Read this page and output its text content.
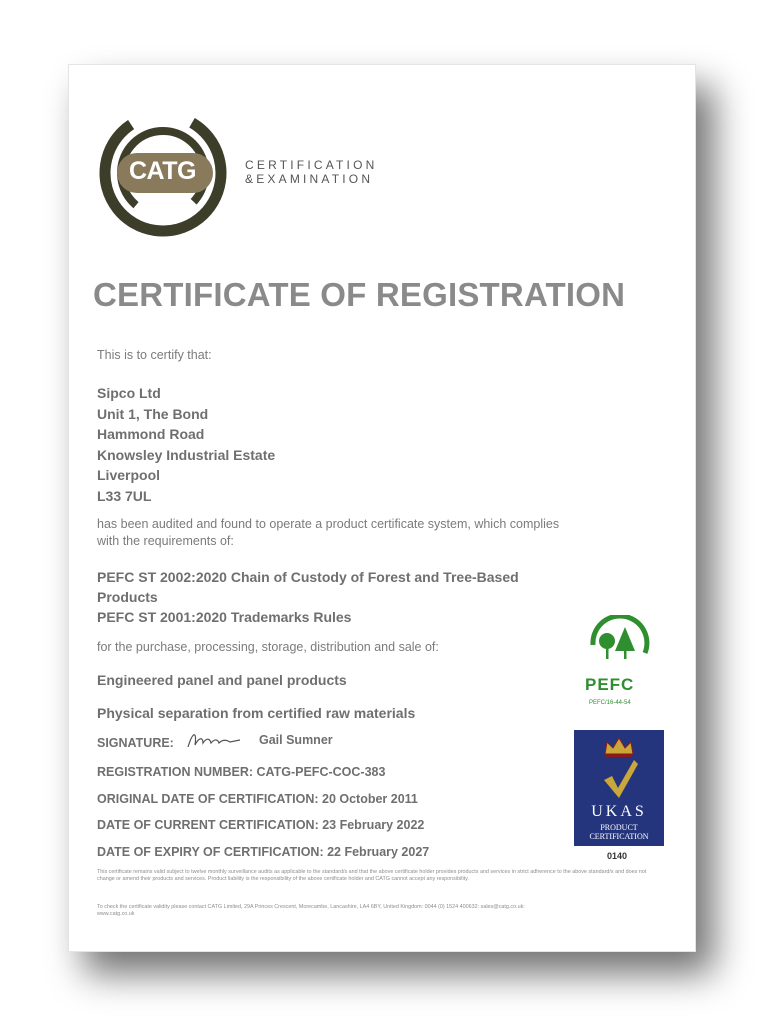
CATG	CERTIFICATION
&EXAMINATION
CERTIFICATE OF REGISTRATION
This is to certify that:
Sipco Ltd
Unit 1, The Bond
Hammond Road
Knowsley Industrial Estate
Liverpool
L33 7UL
has been audited and found to operate a product certificate system, which complies with the requirements of:
PEFC ST 2002:2020 Chain of Custody of Forest and Tree-Based Products
PEFC ST 2001:2020 Trademarks Rules
for the purchase, processing, storage, distribution and sale of:
Engineered panel and panel products
Physical separation from certified raw materials
SIGNATURE:	Gail Sumner
REGISTRATION NUMBER: CATG-PEFC-COC-383
ORIGINAL DATE OF CERTIFICATION: 20 October 2011
DATE OF CURRENT CERTIFICATION: 23 February 2022
DATE OF EXPIRY OF CERTIFICATION: 22 February 2027
This certificate remains valid subject to twelve monthly surveillance audits as applicable to the standard/s and that the above certificate holder provides products and services in strict adherence to the above standard/s and does not change or amend their products and services. Product liability is the responsibility of the above certificate holder and CATG cannot accept any responsibility.
To check the certificate validity please contact CATG Limited, 29A Princes Crescent, Morecambe, Lancashire, LA4 6BY, United Kingdom: 0044 (0) 1524 400632: sales@catg.co.uk: www.catg.co.uk
PEFC
PEFC/16-44-54
UKAS
PRODUCT
CERTIFICATION
0140
